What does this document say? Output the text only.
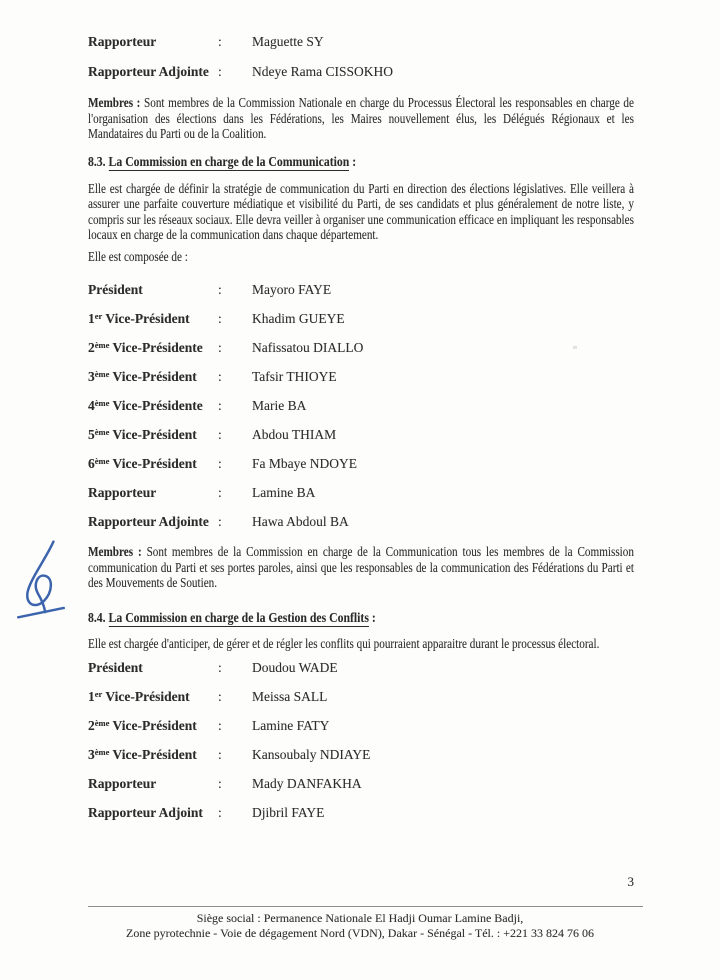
Rapporteur	:	Maguette SY
Rapporteur Adjointe :	Ndeye Rama CISSOKHO

Membres : Sont membres de la Commission Nationale en charge du Processus Électoral les responsables en charge de l'organisation des élections dans les Fédérations, les Maires nouvellement élus, les Délégués Régionaux et les Mandataires du Parti ou de la Coalition.

8.3. La Commission en charge de la Communication :

Elle est chargée de définir la stratégie de communication du Parti en direction des élections législatives. Elle veillera à assurer une parfaite couverture médiatique et visibilité du Parti, de ses candidats et plus généralement de notre liste, y compris sur les réseaux sociaux. Elle devra veiller à organiser une communication efficace en impliquant les responsables locaux en charge de la communication dans chaque département.

Elle est composée de :

Président	:	Mayoro FAYE
1er Vice-Président	:	Khadim GUEYE
2ème Vice-Présidente	:	Nafissatou DIALLO
3ème Vice-Président	:	Tafsir THIOYE
4ème Vice-Présidente	:	Marie BA
5ème Vice-Président	:	Abdou THIAM
6ème Vice-Président	:	Fa Mbaye NDOYE
Rapporteur	:	Lamine BA
Rapporteur Adjointe :	Hawa Abdoul BA

Membres : Sont membres de la Commission en charge de la Communication tous les membres de la Commission communication du Parti et ses portes paroles, ainsi que les responsables de la communication des Fédérations du Parti et des Mouvements de Soutien.

8.4. La Commission en charge de la Gestion des Conflits :

Elle est chargée d'anticiper, de gérer et de régler les conflits qui pourraient apparaitre durant le processus électoral.

Président	:	Doudou WADE
1er Vice-Président	:	Meissa SALL
2ème Vice-Président	:	Lamine FATY
3ème Vice-Président	:	Kansoubaly NDIAYE
Rapporteur	:	Mady DANFAKHA
Rapporteur Adjoint	:	Djibril FAYE
3
Siège social : Permanence Nationale El Hadji Oumar Lamine Badji,
Zone pyrotechnie - Voie de dégagement Nord (VDN), Dakar - Sénégal - Tél. : +221 33 824 76 06
